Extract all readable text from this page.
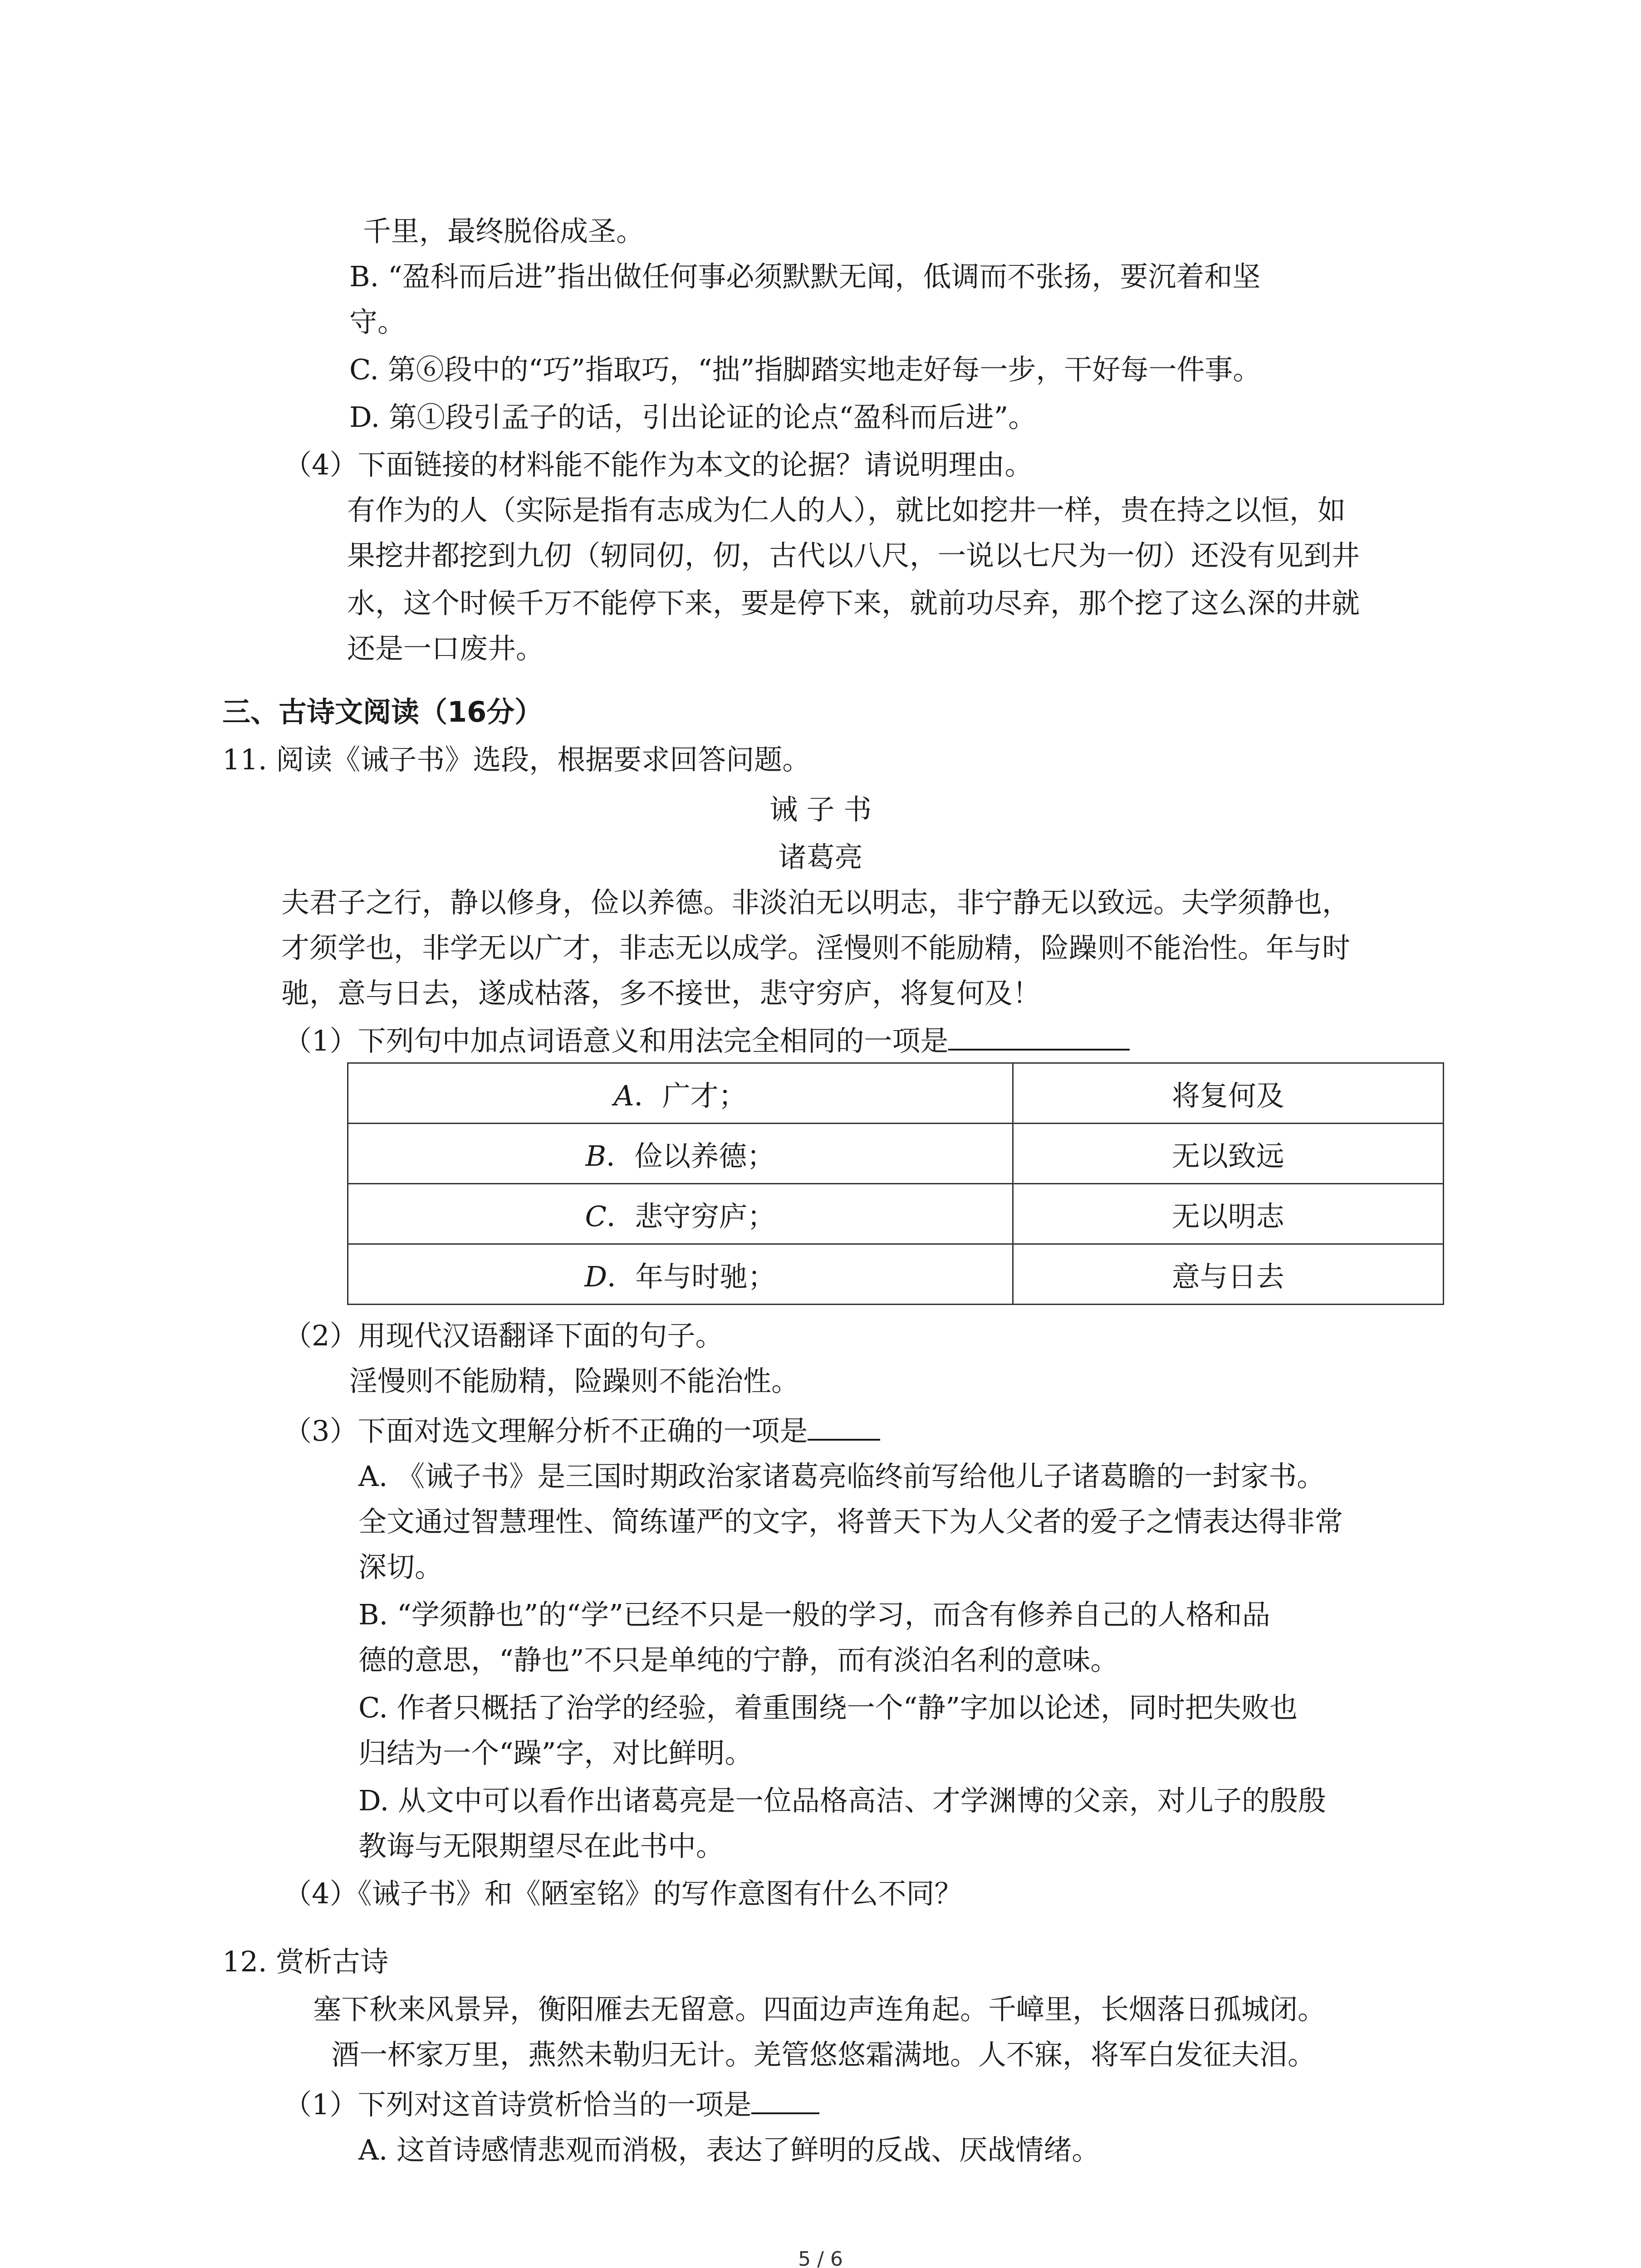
千里，最终脱俗成圣。
B. “盈科而后进”指出做任何事必须默默无闻，低调而不张扬，要沉着和坚
守。
C. 第⑥段中的“巧”指取巧，“拙”指脚踏实地走好每一步，干好每一件事。
D. 第①段引孟子的话，引出论证的论点“盈科而后进”。
（4）下面链接的材料能不能作为本文的论据？请说明理由。
有作为的人（实际是指有志成为仁人的人），就比如挖井一样，贵在持之以恒，如
果挖井都挖到九仞（轫同仞，仞，古代以八尺，一说以七尺为一仞）还没有见到井
水，这个时候千万不能停下来，要是停下来，就前功尽弃，那个挖了这么深的井就
还是一口废井。
三、古诗文阅读（16分）
11. 阅读《诫子书》选段，根据要求回答问题。
诫 子 书
诸葛亮
夫君子之行，静以修身，俭以养德。非淡泊无以明志，非宁静无以致远。夫学须静也，
才须学也，非学无以广才，非志无以成学。淫慢则不能励精，险躁则不能治性。年与时
驰，意与日去，遂成枯落，多不接世，悲守穷庐，将复何及！
（1）下列句中加点词语意义和用法完全相同的一项是
A．广才；	将复何及
B．俭以养德；	无以致远
C．悲守穷庐；	无以明志
D．年与时驰；	意与日去
（2）用现代汉语翻译下面的句子。
淫慢则不能励精，险躁则不能治性。
（3）下面对选文理解分析不正确的一项是
A. 《诫子书》是三国时期政治家诸葛亮临终前写给他儿子诸葛瞻的一封家书。
全文通过智慧理性、简练谨严的文字，将普天下为人父者的爱子之情表达得非常
深切。
B. “学须静也”的“学”已经不只是一般的学习，而含有修养自己的人格和品
德的意思，“静也”不只是单纯的宁静，而有淡泊名利的意味。
C. 作者只概括了治学的经验，着重围绕一个“静”字加以论述，同时把失败也
归结为一个“躁”字，对比鲜明。
D. 从文中可以看作出诸葛亮是一位品格高洁、才学渊博的父亲，对儿子的殷殷
教诲与无限期望尽在此书中。
（4）《诫子书》和《陋室铭》的写作意图有什么不同？
12. 赏析古诗
塞下秋来风景异，衡阳雁去无留意。四面边声连角起。千嶂里，长烟落日孤城闭。
酒一杯家万里，燕然未勒归无计。羌管悠悠霜满地。人不寐，将军白发征夫泪。
（1）下列对这首诗赏析恰当的一项是
A. 这首诗感情悲观而消极，表达了鲜明的反战、厌战情绪。
5 / 6
